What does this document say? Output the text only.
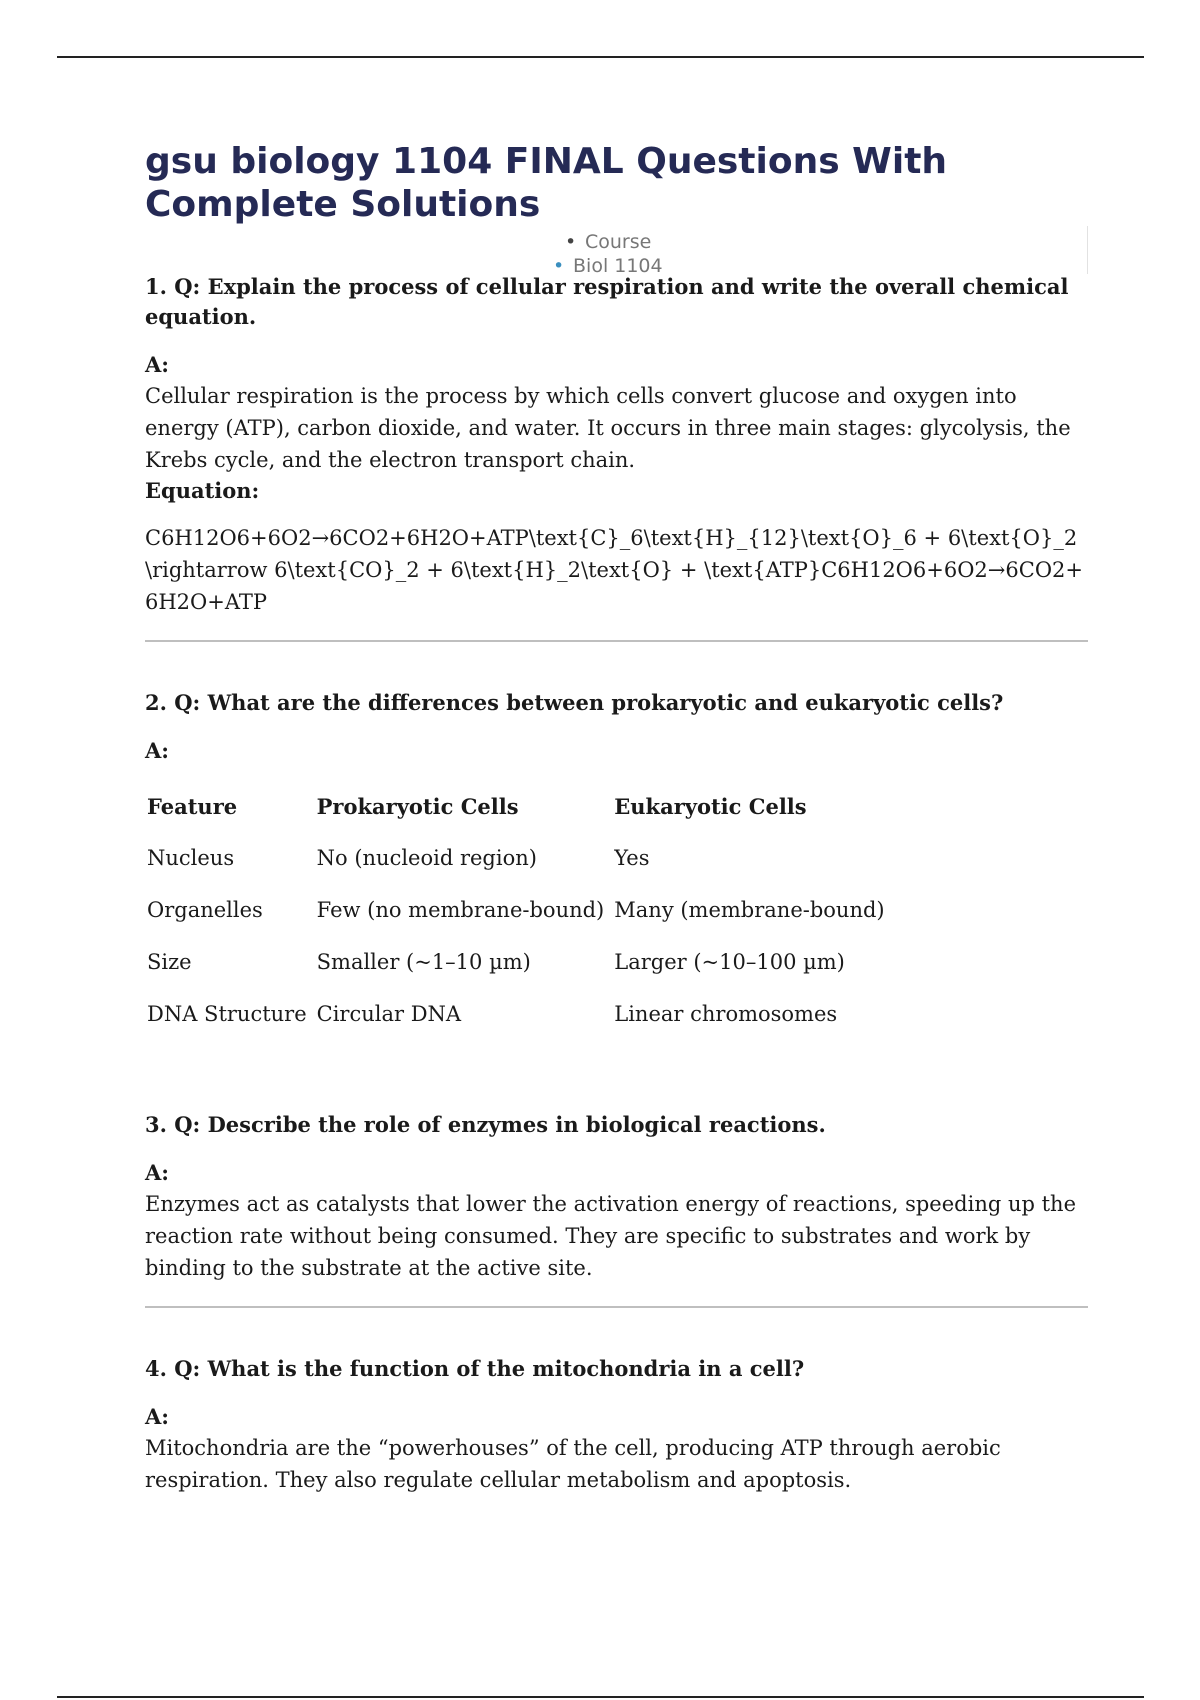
gsu biology 1104 FINAL Questions With Complete Solutions
• Course
• Biol 1104

1. Q: Explain the process of cellular respiration and write the overall chemical equation.

A:
Cellular respiration is the process by which cells convert glucose and oxygen into energy (ATP), carbon dioxide, and water. It occurs in three main stages: glycolysis, the Krebs cycle, and the electron transport chain.
Equation:
C6H12O6+6O2→6CO2+6H2O+ATP\text{C}_6\text{H}_{12}\text{O}_6 + 6\text{O}_2 \rightarrow 6\text{CO}_2 + 6\text{H}_2\text{O} + \text{ATP}C6H12O6+6O2→6CO2+6H2O+ATP

2. Q: What are the differences between prokaryotic and eukaryotic cells?

A:
Feature	Prokaryotic Cells	Eukaryotic Cells
Nucleus	No (nucleoid region)	Yes
Organelles	Few (no membrane-bound)	Many (membrane-bound)
Size	Smaller (~1–10 µm)	Larger (~10–100 µm)
DNA Structure	Circular DNA	Linear chromosomes

3. Q: Describe the role of enzymes in biological reactions.

A:
Enzymes act as catalysts that lower the activation energy of reactions, speeding up the reaction rate without being consumed. They are specific to substrates and work by binding to the substrate at the active site.

4. Q: What is the function of the mitochondria in a cell?

A:
Mitochondria are the “powerhouses” of the cell, producing ATP through aerobic respiration. They also regulate cellular metabolism and apoptosis.
